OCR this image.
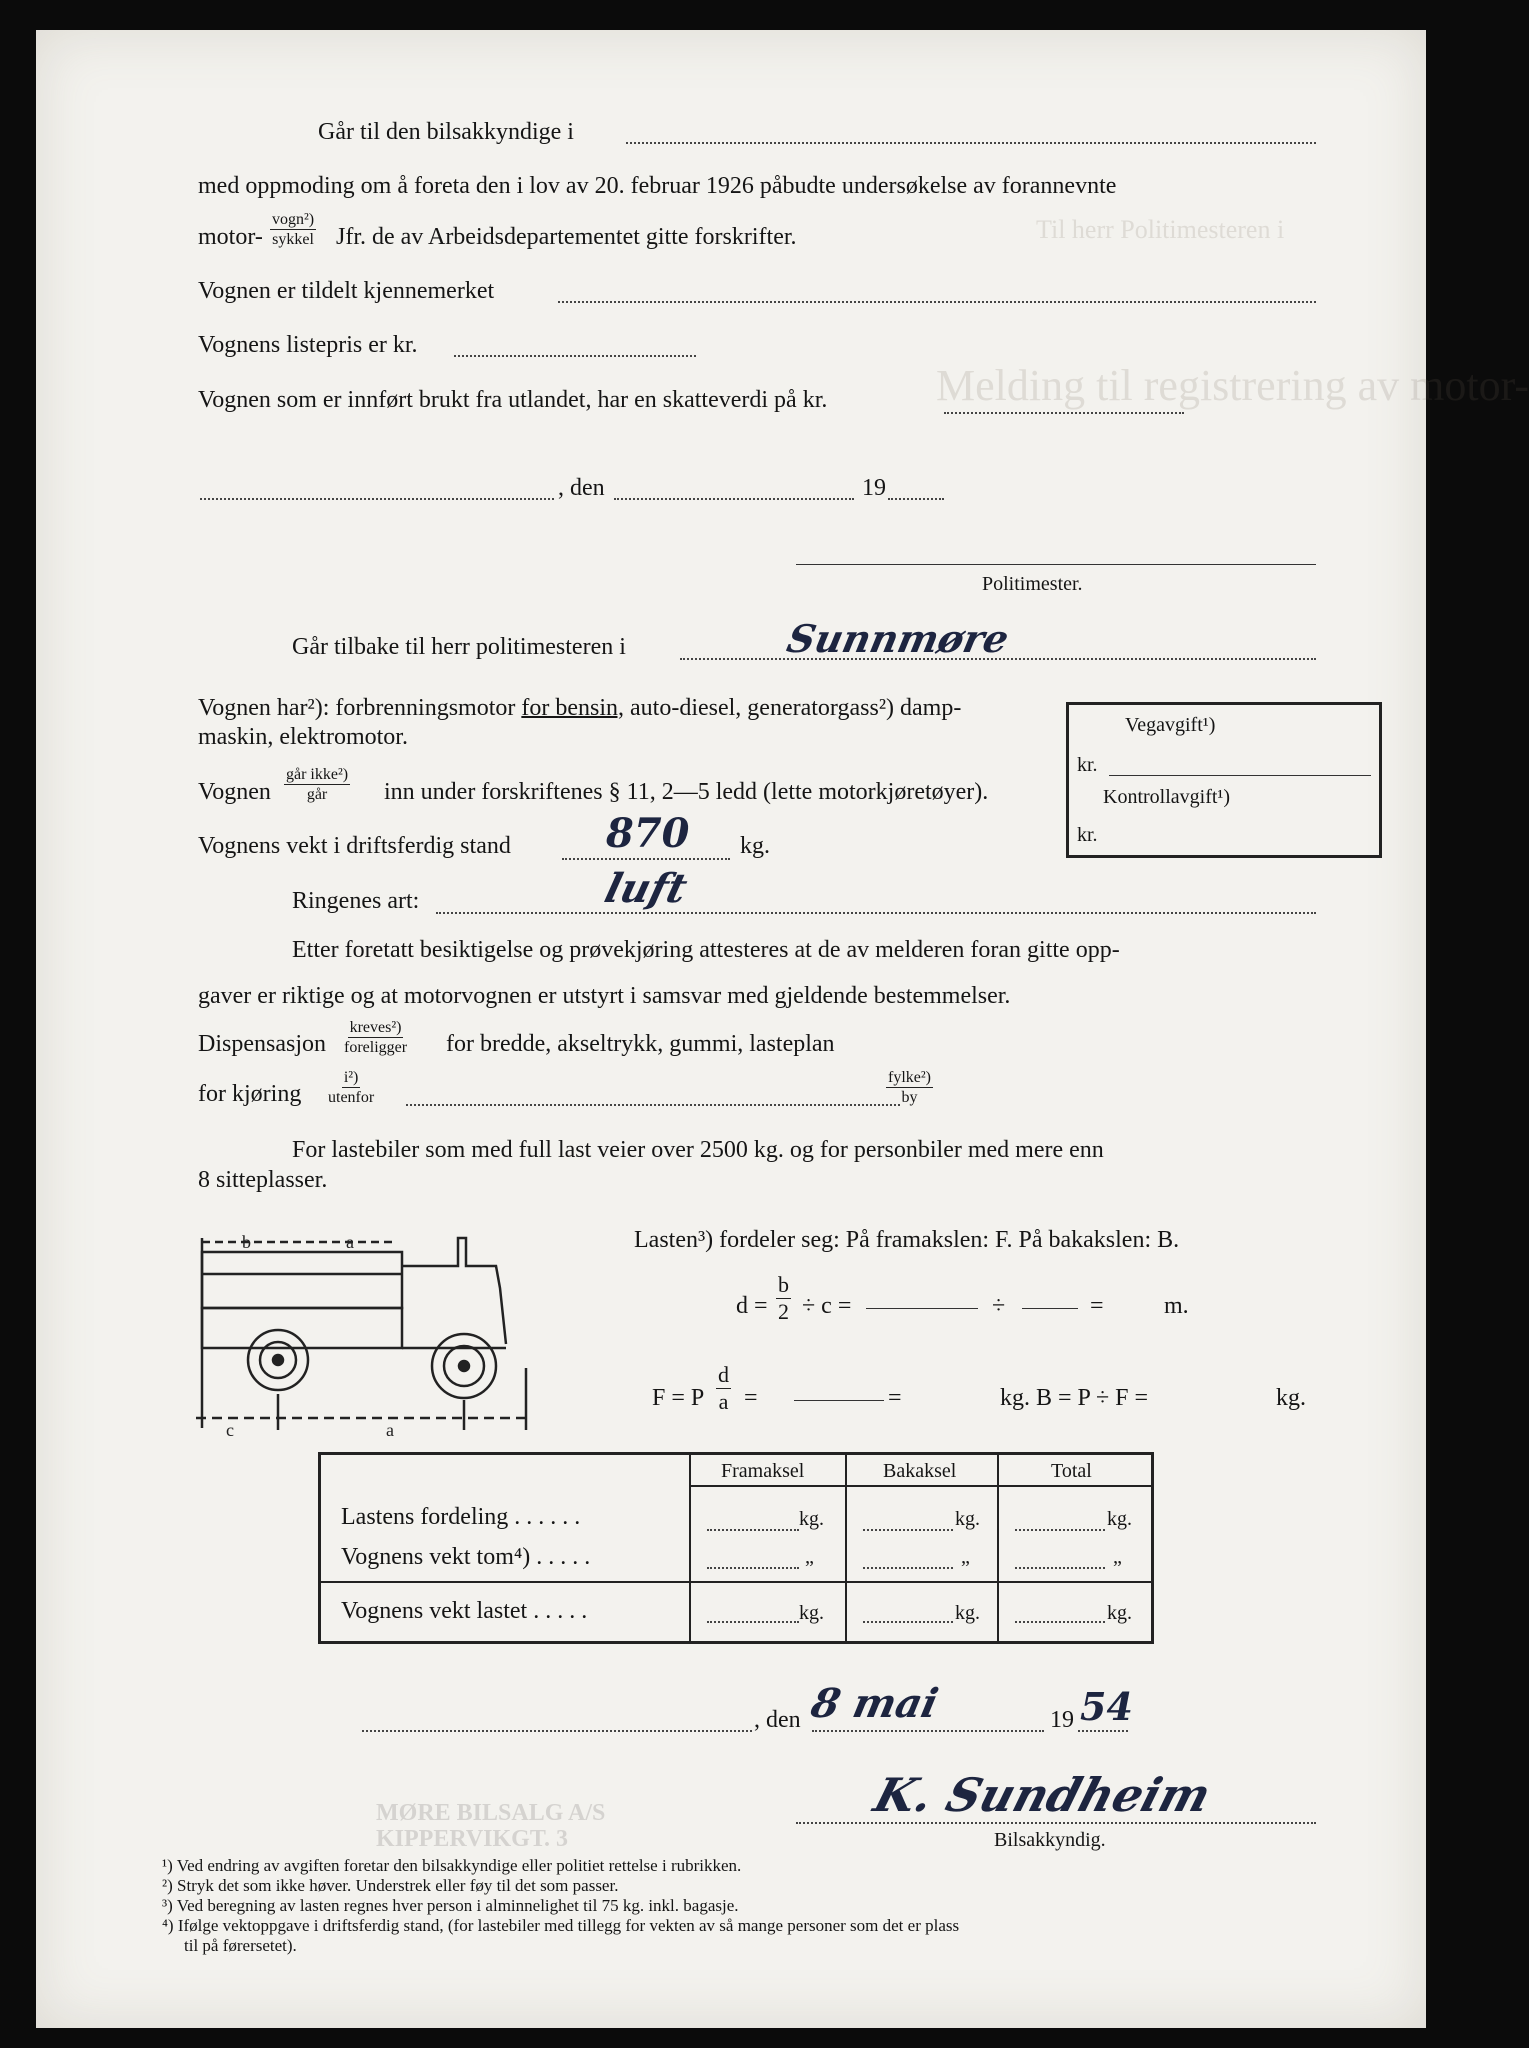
Til herr Politimesteren i
Melding til registrering av motor-
Går til den bilsakkyndige i
med oppmoding om å foreta den i lov av 20. februar 1926 påbudte undersøkelse av forannevnte
motor-
vogn²)
sykkel Jfr. de av Arbeidsdepartementet gitte forskrifter.
Vognen er tildelt kjennemerket
Vognens listepris er kr.
Vognen som er innført brukt fra utlandet, har en skatteverdi på kr.
, den	19
Politimester.
Går tilbake til herr politimesteren i	Sunnmøre
Vognen har²): forbrenningsmotor for bensin, auto-diesel, generatorgass²) damp-
maskin, elektromotor.	Vegavgift¹)
kr.
Kontrollavgift¹)
kr.
Vognen
går ikke²)
går inn under forskriftenes § 11, 2—5 ledd (lette motorkjøretøyer).
Vognens vekt i driftsferdig stand 870 kg.
Ringenes art:	luft
Etter foretatt besiktigelse og prøvekjøring attesteres at de av melderen foran gitte opp-
gaver er riktige og at motorvognen er utstyrt i samsvar med gjeldende bestemmelser.
Dispensasjon
kreves²)
foreligger for bredde, akseltrykk, gummi, lasteplan
for kjøring
i²)
utenfor
fylke²)
by
For lastebiler som med full last veier over 2500 kg. og for personbiler med mere enn
8 sitteplasser.
b	a
c	a
Lasten³) fordeler seg: På framakslen: F. På bakakslen: B.
$d = \frac{b}{2} \div c$ =	÷	=	m.
F = P $\frac{d}{a}$ =	=	kg. B = P ÷ F =	kg.
Framaksel	Bakaksel	Total
Lastens fordeling . . . . . .	kg.	kg.	kg.
Vognens vekt tom⁴) . . . . .	„	„	„
Vognens vekt lastet . . . . .	kg.	kg.	kg.
, den 8 mai	19 54
MØRE BILSALG A/S
KIPPERVIKGT. 3
K. Sundheim
Bilsakkyndig.
¹) Ved endring av avgiften foretar den bilsakkyndige eller politiet rettelse i rubrikken.
²) Stryk det som ikke høver. Understrek eller føy til det som passer.
³) Ved beregning av lasten regnes hver person i alminnelighet til 75 kg. inkl. bagasje.
⁴) Ifølge vektoppgave i driftsferdig stand, (for lastebiler med tillegg for vekten av så mange personer som det er plass
til på førersetet).
